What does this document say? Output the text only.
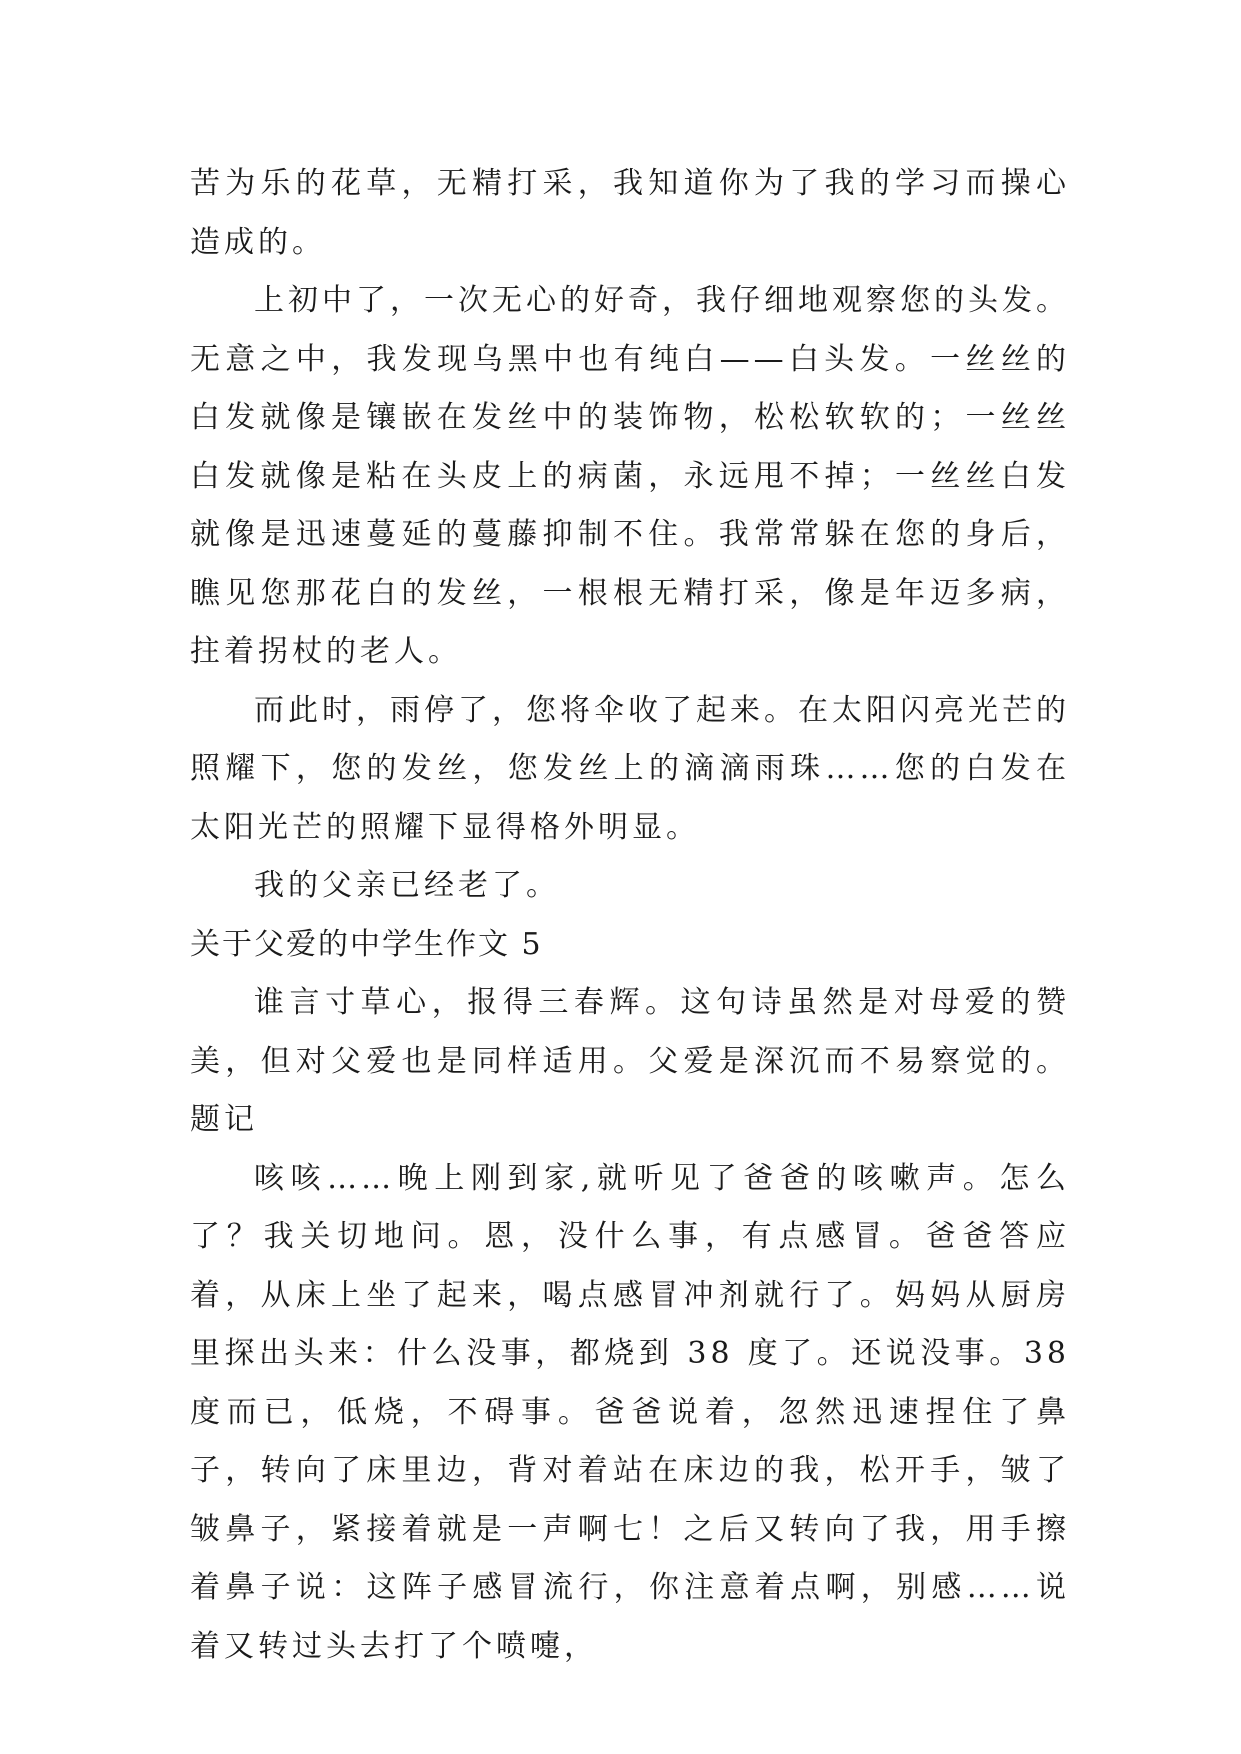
苦为乐的花草，无精打采，我知道你为了我的学习而操心造成的。

上初中了，一次无心的好奇，我仔细地观察您的头发。无意之中，我发现乌黑中也有纯白——白头发。一丝丝的白发就像是镶嵌在发丝中的装饰物，松松软软的；一丝丝白发就像是粘在头皮上的病菌，永远甩不掉；一丝丝白发就像是迅速蔓延的蔓藤抑制不住。我常常躲在您的身后，瞧见您那花白的发丝，一根根无精打采，像是年迈多病，拄着拐杖的老人。

而此时，雨停了，您将伞收了起来。在太阳闪亮光芒的照耀下，您的发丝，您发丝上的滴滴雨珠……您的白发在太阳光芒的照耀下显得格外明显。

我的父亲已经老了。

关于父爱的中学生作文 5

谁言寸草心，报得三春辉。这句诗虽然是对母爱的赞美，但对父爱也是同样适用。父爱是深沉而不易察觉的。题记

咳咳……晚上刚到家,就听见了爸爸的咳嗽声。怎么了？我关切地问。恩，没什么事，有点感冒。爸爸答应着，从床上坐了起来，喝点感冒冲剂就行了。妈妈从厨房里探出头来：什么没事，都烧到 38 度了。还说没事。38 度而已，低烧，不碍事。爸爸说着，忽然迅速捏住了鼻子，转向了床里边，背对着站在床边的我，松开手，皱了皱鼻子，紧接着就是一声啊七！之后又转向了我，用手擦着鼻子说：这阵子感冒流行，你注意着点啊，别感……说着又转过头去打了个喷嚏，
